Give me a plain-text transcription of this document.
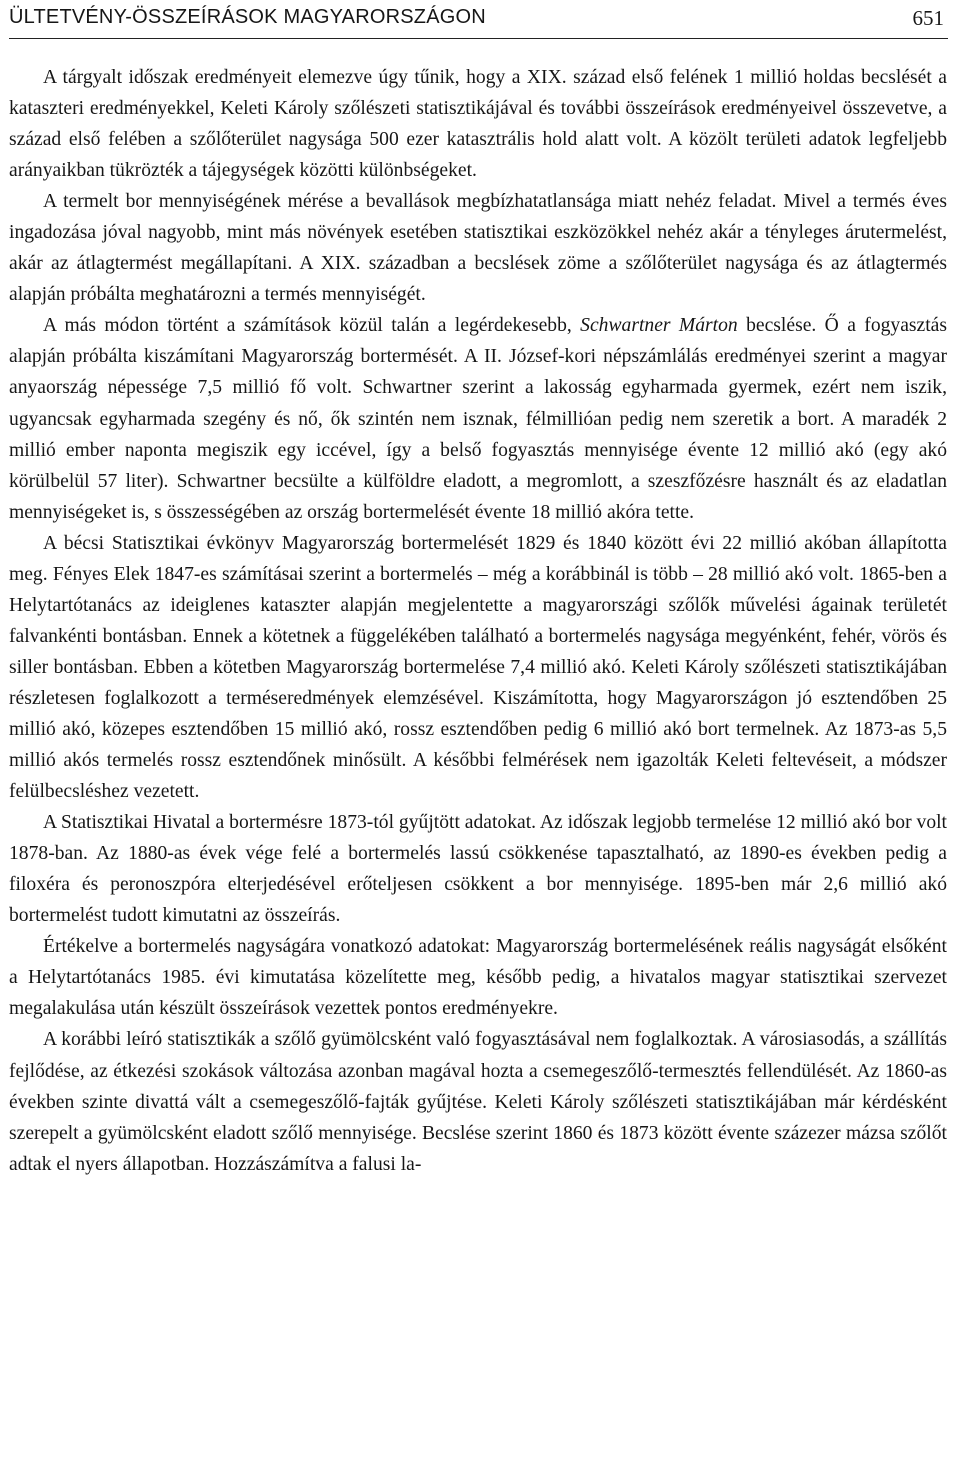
ÜLTETVÉNY-ÖSSZEÍRÁSOK MAGYARORSZÁGON	651

A tárgyalt időszak eredményeit elemezve úgy tűnik, hogy a XIX. század első felének 1 millió holdas becslését a kataszteri eredményekkel, Keleti Károly szőlészeti statisztikájával és további összeírások eredményeivel összevetve, a század első felében a szőlőterület nagysága 500 ezer katasztrális hold alatt volt. A közölt területi adatok legfeljebb arányaikban tükrözték a tájegységek közötti különbségeket.

A termelt bor mennyiségének mérése a bevallások megbízhatatlansága miatt nehéz feladat. Mivel a termés éves ingadozása jóval nagyobb, mint más növények esetében statisztikai eszközökkel nehéz akár a tényleges árutermelést, akár az átlagtermést megállapítani. A XIX. században a becslések zöme a szőlőterület nagysága és az átlagtermés alapján próbálta meghatározni a termés mennyiségét.

A más módon történt a számítások közül talán a legérdekesebb, Schwartner Márton becslése. Ő a fogyasztás alapján próbálta kiszámítani Magyarország bortermését. A II. József-kori népszámlálás eredményei szerint a magyar anyaország népessége 7,5 millió fő volt. Schwartner szerint a lakosság egyharmada gyermek, ezért nem iszik, ugyancsak egyharmada szegény és nő, ők szintén nem isznak, félmillióan pedig nem szeretik a bort. A maradék 2 millió ember naponta megiszik egy iccével, így a belső fogyasztás mennyisége évente 12 millió akó (egy akó körülbelül 57 liter). Schwartner becsülte a külföldre eladott, a megromlott, a szeszfőzésre használt és az eladatlan mennyiségeket is, s összességében az ország bortermelését évente 18 millió akóra tette.

A bécsi Statisztikai évkönyv Magyarország bortermelését 1829 és 1840 között évi 22 millió akóban állapította meg. Fényes Elek 1847-es számításai szerint a bortermelés – még a korábbinál is több – 28 millió akó volt. 1865-ben a Helytartótanács az ideiglenes kataszter alapján megjelentette a magyarországi szőlők művelési ágainak területét falvankénti bontásban. Ennek a kötetnek a függelékében található a bortermelés nagysága megyénként, fehér, vörös és siller bontásban. Ebben a kötetben Magyarország bortermelése 7,4 millió akó. Keleti Károly szőlészeti statisztikájában részletesen foglalkozott a terméseredmények elemzésével. Kiszámította, hogy Magyarországon jó esztendőben 25 millió akó, közepes esztendőben 15 millió akó, rossz esztendőben pedig 6 millió akó bort termelnek. Az 1873-as 5,5 millió akós termelés rossz esztendőnek minősült. A későbbi felmérések nem igazolták Keleti feltevéseit, a módszer felülbecsléshez vezetett.

A Statisztikai Hivatal a bortermésre 1873-tól gyűjtött adatokat. Az időszak legjobb termelése 12 millió akó bor volt 1878-ban. Az 1880-as évek vége felé a bortermelés lassú csökkenése tapasztalható, az 1890-es években pedig a filoxéra és peronoszpóra elterjedésével erőteljesen csökkent a bor mennyisége. 1895-ben már 2,6 millió akó bortermelést tudott kimutatni az összeírás.

Értékelve a bortermelés nagyságára vonatkozó adatokat: Magyarország bortermelésének reális nagyságát elsőként a Helytartótanács 1985. évi kimutatása közelítette meg, később pedig, a hivatalos magyar statisztikai szervezet megalakulása után készült összeírások vezettek pontos eredményekre.

A korábbi leíró statisztikák a szőlő gyümölcsként való fogyasztásával nem foglalkoztak. A városiasodás, a szállítás fejlődése, az étkezési szokások változása azonban magával hozta a csemegeszőlő-termesztés fellendülését. Az 1860-as években szinte divattá vált a csemegeszőlő-fajták gyűjtése. Keleti Károly szőlészeti statisztikájában már kérdésként szerepelt a gyümölcsként eladott szőlő mennyisége. Becslése szerint 1860 és 1873 között évente százezer mázsa szőlőt adtak el nyers állapotban. Hozzászámítva a falusi la-
